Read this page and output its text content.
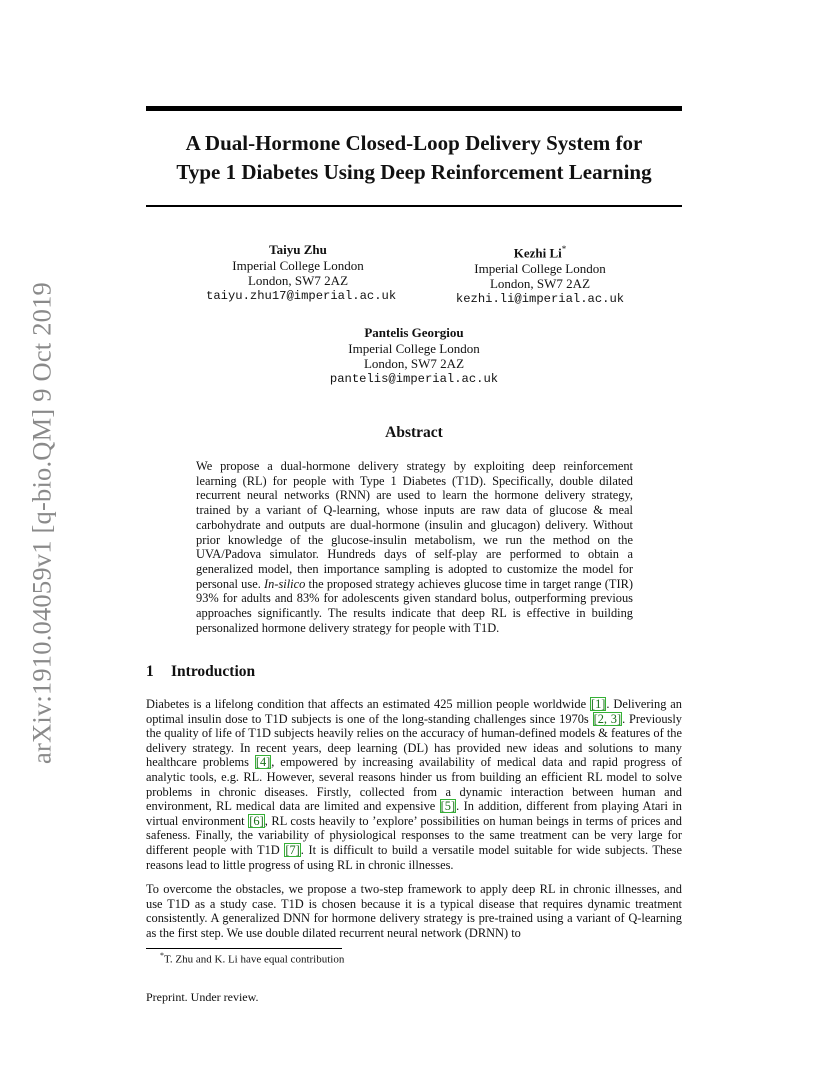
arXiv:1910.04059v1 [q-bio.QM] 9 Oct 2019
A Dual-Hormone Closed-Loop Delivery System for
Type 1 Diabetes Using Deep Reinforcement Learning
Taiyu Zhu
Imperial College London
London, SW7 2AZ
taiyu.zhu17@imperial.ac.uk
Kezhi Li*
Imperial College London
London, SW7 2AZ
kezhi.li@imperial.ac.uk
Pantelis Georgiou
Imperial College London
London, SW7 2AZ
pantelis@imperial.ac.uk
Abstract
We propose a dual-hormone delivery strategy by exploiting deep reinforcement learning (RL) for people with Type 1 Diabetes (T1D). Specifically, double dilated recurrent neural networks (RNN) are used to learn the hormone delivery strategy, trained by a variant of Q-learning, whose inputs are raw data of glucose & meal carbohydrate and outputs are dual-hormone (insulin and glucagon) delivery. Without prior knowledge of the glucose-insulin metabolism, we run the method on the UVA/Padova simulator. Hundreds days of self-play are performed to obtain a generalized model, then importance sampling is adopted to customize the model for personal use. In-silico the proposed strategy achieves glucose time in target range (TIR) 93% for adults and 83% for adolescents given standard bolus, outperforming previous approaches significantly. The results indicate that deep RL is effective in building personalized hormone delivery strategy for people with T1D.
1 Introduction
Diabetes is a lifelong condition that affects an estimated 425 million people worldwide [1]. Delivering an optimal insulin dose to T1D subjects is one of the long-standing challenges since 1970s [2, 3]. Previously the quality of life of T1D subjects heavily relies on the accuracy of human-defined models & features of the delivery strategy. In recent years, deep learning (DL) has provided new ideas and solutions to many healthcare problems [4], empowered by increasing availability of medical data and rapid progress of analytic tools, e.g. RL. However, several reasons hinder us from building an efficient RL model to solve problems in chronic diseases. Firstly, collected from a dynamic interaction between human and environment, RL medical data are limited and expensive [5]. In addition, different from playing Atari in virtual environment [6], RL costs heavily to ’explore’ possibilities on human beings in terms of prices and safeness. Finally, the variability of physiological responses to the same treatment can be very large for different people with T1D [7]. It is difficult to build a versatile model suitable for wide subjects. These reasons lead to little progress of using RL in chronic illnesses.
To overcome the obstacles, we propose a two-step framework to apply deep RL in chronic illnesses, and use T1D as a study case. T1D is chosen because it is a typical disease that requires dynamic treatment consistently. A generalized DNN for hormone delivery strategy is pre-trained using a variant of Q-learning as the first step. We use double dilated recurrent neural network (DRNN) to
*T. Zhu and K. Li have equal contribution
Preprint. Under review.
